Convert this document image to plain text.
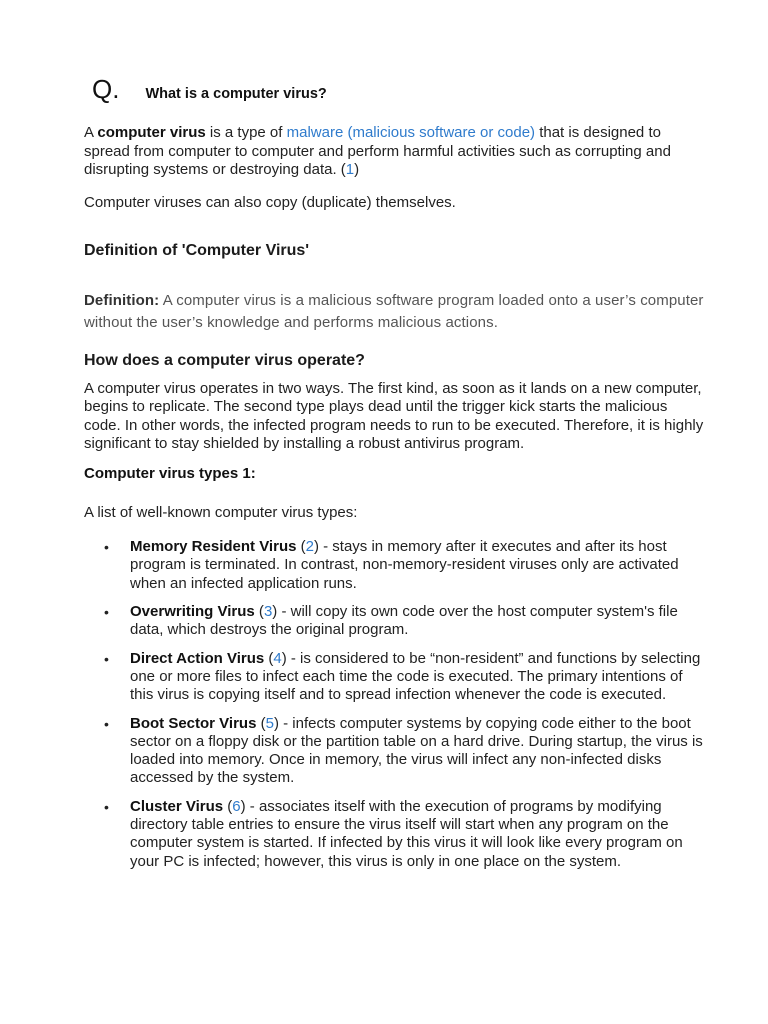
Q. What is a computer virus?

A computer virus is a type of malware (malicious software or code) that is designed to spread from computer to computer and perform harmful activities such as corrupting and disrupting systems or destroying data. (1)

Computer viruses can also copy (duplicate) themselves.

Definition of 'Computer Virus'

Definition: A computer virus is a malicious software program loaded onto a user’s computer without the user’s knowledge and performs malicious actions.

How does a computer virus operate?

A computer virus operates in two ways. The first kind, as soon as it lands on a new computer, begins to replicate. The second type plays dead until the trigger kick starts the malicious code. In other words, the infected program needs to run to be executed. Therefore, it is highly significant to stay shielded by installing a robust antivirus program.

Computer virus types 1:

A list of well-known computer virus types:

• Memory Resident Virus (2) - stays in memory after it executes and after its host program is terminated. In contrast, non-memory-resident viruses only are activated when an infected application runs.
• Overwriting Virus (3) - will copy its own code over the host computer system's file data, which destroys the original program.
• Direct Action Virus (4) - is considered to be “non-resident” and functions by selecting one or more files to infect each time the code is executed. The primary intentions of this virus is copying itself and to spread infection whenever the code is executed.
• Boot Sector Virus (5) - infects computer systems by copying code either to the boot sector on a floppy disk or the partition table on a hard drive. During startup, the virus is loaded into memory. Once in memory, the virus will infect any non-infected disks accessed by the system.
• Cluster Virus (6) - associates itself with the execution of programs by modifying directory table entries to ensure the virus itself will start when any program on the computer system is started. If infected by this virus it will look like every program on your PC is infected; however, this virus is only in one place on the system.
